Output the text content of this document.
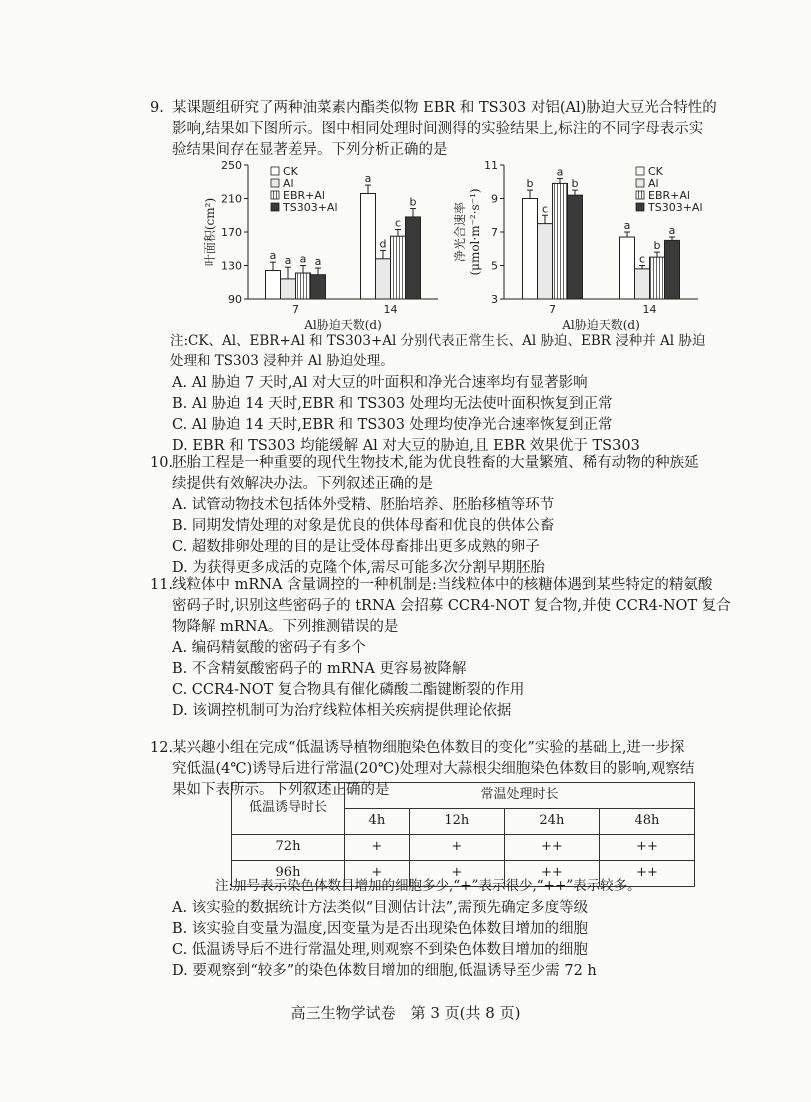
9. 某课题组研究了两种油菜素内酯类似物 EBR 和 TS303 对铝(Al)胁迫大豆光合特性的

影响,结果如下图所示。图中相同处理时间测得的实验结果上,标注的不同字母表示实

验结果间存在显著差异。下列分析正确的是

90
130
170
210
250
a a a a
7
a
d
c
b
14
Al胁迫天数(d)
叶面积(cm²)
CK
Al
EBR+Al
TS303+Al
3
5
7
9
11
b
c
a
b
7
a
c
b
a
14
Al胁迫天数(d)
净光合速率 (μmol·m⁻²·s⁻¹)
CK
Al
EBR+Al
TS303+Al

注:CK、Al、EBR+Al 和 TS303+Al 分别代表正常生长、Al 胁迫、EBR 浸种并 Al 胁迫

处理和 TS303 浸种并 Al 胁迫处理。

A. Al 胁迫 7 天时,Al 对大豆的叶面积和净光合速率均有显著影响

B. Al 胁迫 14 天时,EBR 和 TS303 处理均无法使叶面积恢复到正常

C. Al 胁迫 14 天时,EBR 和 TS303 处理均使净光合速率恢复到正常

D. EBR 和 TS303 均能缓解 Al 对大豆的胁迫,且 EBR 效果优于 TS303

10.胚胎工程是一种重要的现代生物技术,能为优良牲畜的大量繁殖、稀有动物的种族延

续提供有效解决办法。下列叙述正确的是

A. 试管动物技术包括体外受精、胚胎培养、胚胎移植等环节

B. 同期发情处理的对象是优良的供体母畜和优良的供体公畜

C. 超数排卵处理的目的是让受体母畜排出更多成熟的卵子

D. 为获得更多成活的克隆个体,需尽可能多次分割早期胚胎

11.线粒体中 mRNA 含量调控的一种机制是:当线粒体中的核糖体遇到某些特定的精氨酸

密码子时,识别这些密码子的 tRNA 会招募 CCR4-NOT 复合物,并使 CCR4-NOT 复合

物降解 mRNA。下列推测错误的是

A. 编码精氨酸的密码子有多个

B. 不含精氨酸密码子的 mRNA 更容易被降解

C. CCR4-NOT 复合物具有催化磷酸二酯键断裂的作用

D. 该调控机制可为治疗线粒体相关疾病提供理论依据

12.某兴趣小组在完成“低温诱导植物细胞染色体数目的变化”实验的基础上,进一步探

究低温(4℃)诱导后进行常温(20℃)处理对大蒜根尖细胞染色体数目的影响,观察结

果如下表所示。下列叙述正确的是

低温诱导时长	常温处理时长			
	4h	12h	24h	48h
72h	+	+	++	++
96h	+	+	++	++
注:加号表示染色体数目增加的细胞多少,“+”表示很少,“++”表示较多。

A. 该实验的数据统计方法类似“目测估计法”,需预先确定多度等级

B. 该实验自变量为温度,因变量为是否出现染色体数目增加的细胞

C. 低温诱导后不进行常温处理,则观察不到染色体数目增加的细胞

D. 要观察到“较多”的染色体数目增加的细胞,低温诱导至少需 72 h

高三生物学试卷　第 3 页(共 8 页)
